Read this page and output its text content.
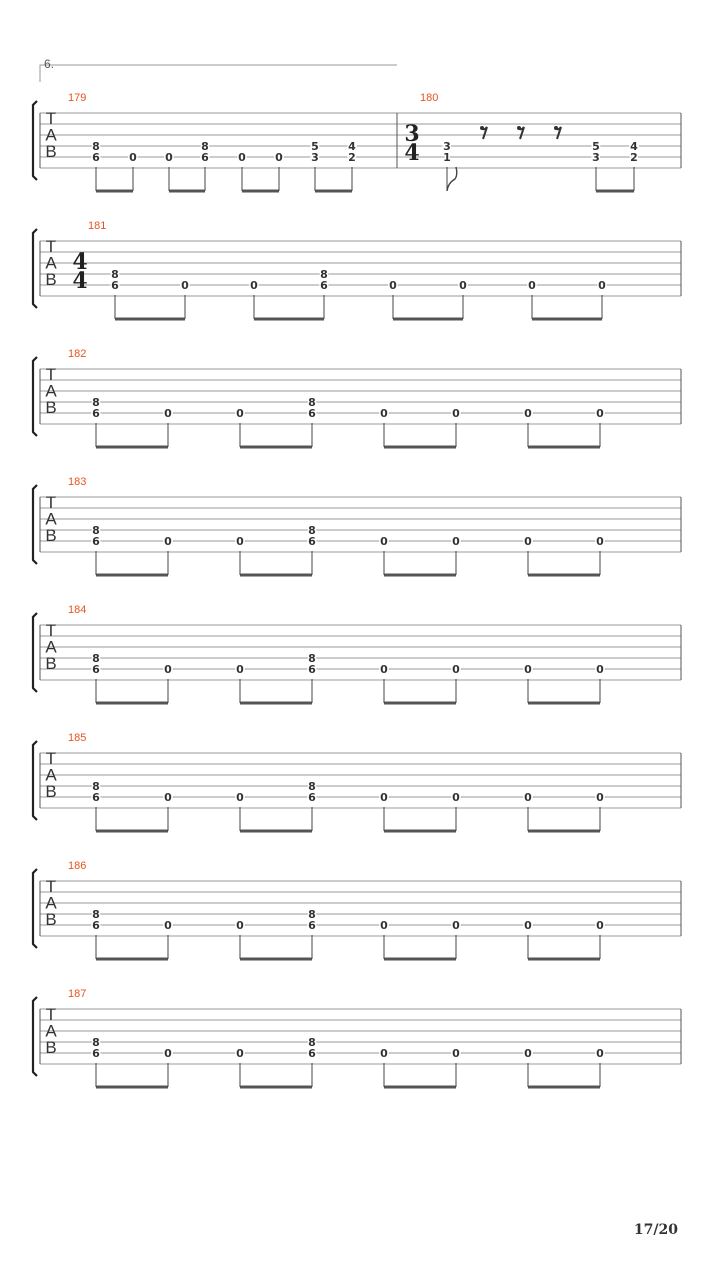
6.
T
A
B
179
8
6	0	0
8
6	0	0
5
3
4
2
180
3
4 3
1
5
3
4
2
T
A
B
181
4
4 8
6	0	0
8
6	0	0	0	0
T
A
B
182
8
6	0	0
8
6	0	0	0	0
T
A
B
183
8
6	0	0
8
6	0	0	0	0
T
A
B
184
8
6	0	0
8
6	0	0	0	0
T
A
B
185
8
6	0	0
8
6	0	0	0	0
T
A
B
186
8
6	0	0
8
6	0	0	0	0
T
A
B
187
8
6	0	0
8
6	0	0	0	0
17/20
